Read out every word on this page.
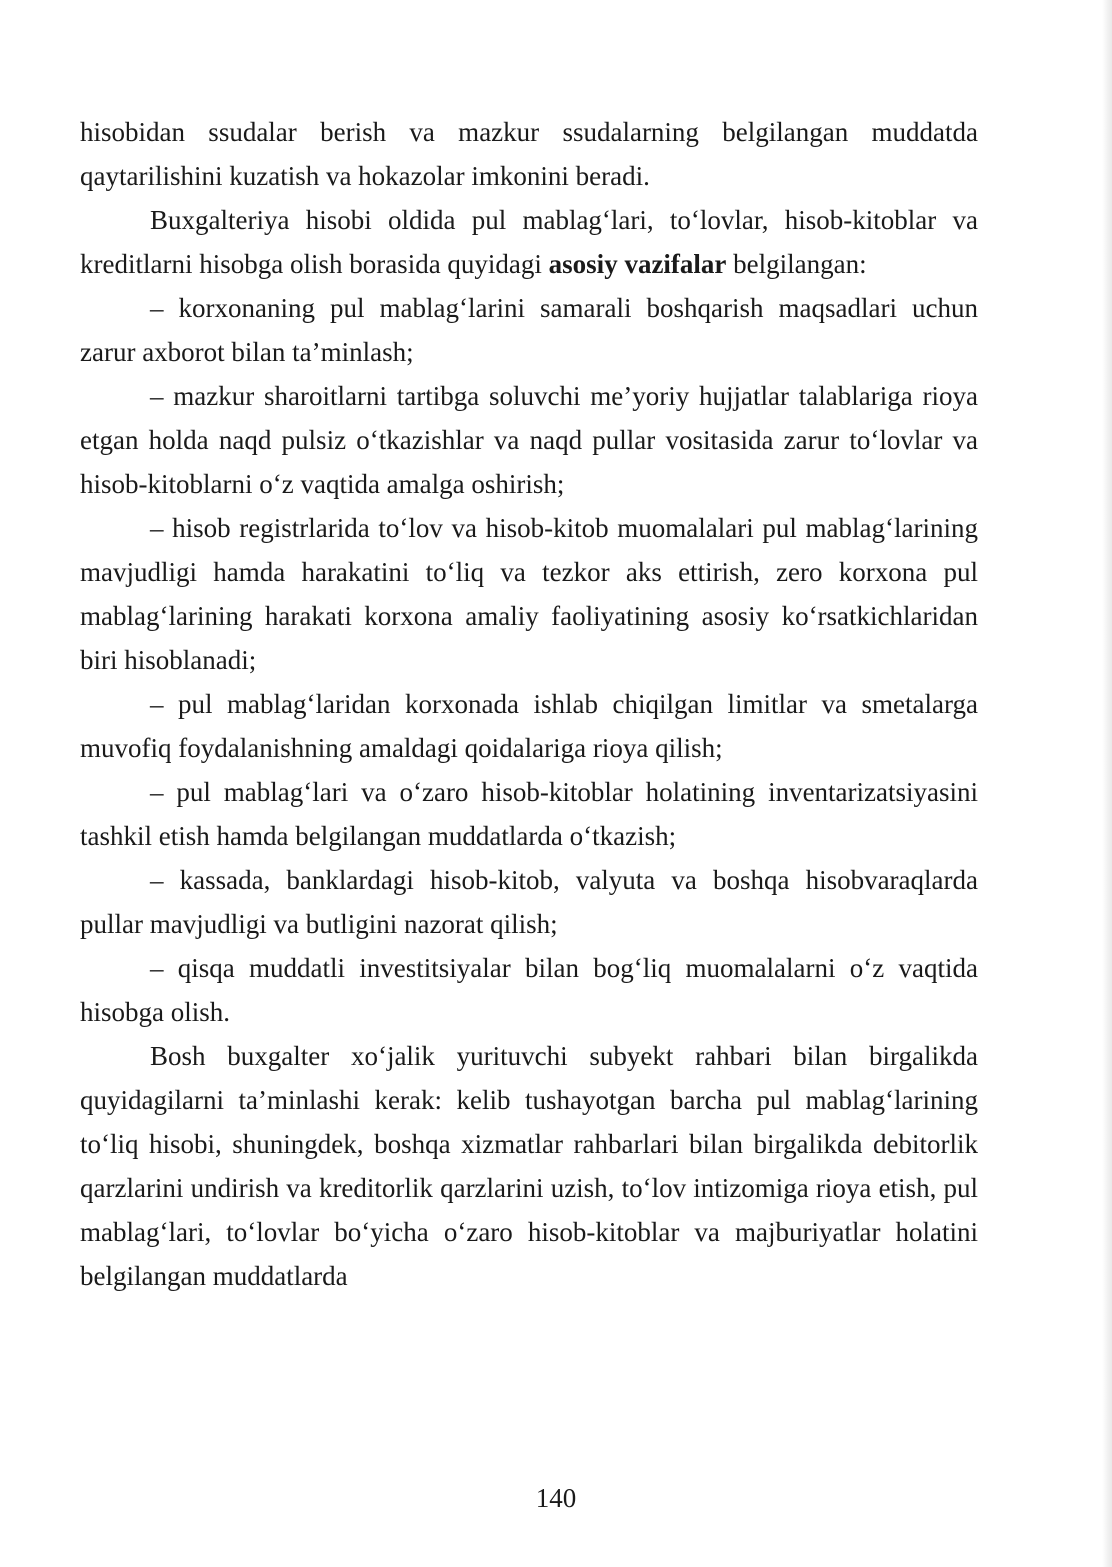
hisobidan ssudalar berish va mazkur ssudalarning belgilangan muddatda qaytarilishini kuzatish va hokazolar imkonini beradi.

Buxgalteriya hisobi oldida pul mablag‘lari, to‘lovlar, hisob-kitoblar va kreditlarni hisobga olish borasida quyidagi asosiy vazifalar belgilangan:

– korxonaning pul mablag‘larini samarali boshqarish maqsadlari uchun zarur axborot bilan ta’minlash;

– mazkur sharoitlarni tartibga soluvchi me’yoriy hujjatlar talablariga rioya etgan holda naqd pulsiz o‘tkazishlar va naqd pullar vositasida zarur to‘lovlar va hisob-kitoblarni o‘z vaqtida amalga oshirish;

– hisob registrlarida to‘lov va hisob-kitob muomalalari pul mablag‘larining mavjudligi hamda harakatini to‘liq va tezkor aks ettirish, zero korxona pul mablag‘larining harakati korxona amaliy faoliyatining asosiy ko‘rsatkichlaridan biri hisoblanadi;

– pul mablag‘laridan korxonada ishlab chiqilgan limitlar va smetalarga muvofiq foydalanishning amaldagi qoidalariga rioya qilish;

– pul mablag‘lari va o‘zaro hisob-kitoblar holatining inventarizatsiyasini tashkil etish hamda belgilangan muddatlarda o‘tkazish;

– kassada, banklardagi hisob-kitob, valyuta va boshqa hisobvaraqlarda pullar mavjudligi va butligini nazorat qilish;

– qisqa muddatli investitsiyalar bilan bog‘liq muomalalarni o‘z vaqtida hisobga olish.

Bosh buxgalter xo‘jalik yurituvchi subyekt rahbari bilan birgalikda quyidagilarni ta’minlashi kerak: kelib tushayotgan barcha pul mablag‘larining to‘liq hisobi, shuningdek, boshqa xizmatlar rahbarlari bilan birgalikda debitorlik qarzlarini undirish va kreditorlik qarzlarini uzish, to‘lov intizomiga rioya etish, pul mablag‘lari, to‘lovlar bo‘yicha o‘zaro hisob-kitoblar va majburiyatlar holatini belgilangan muddatlarda

140
